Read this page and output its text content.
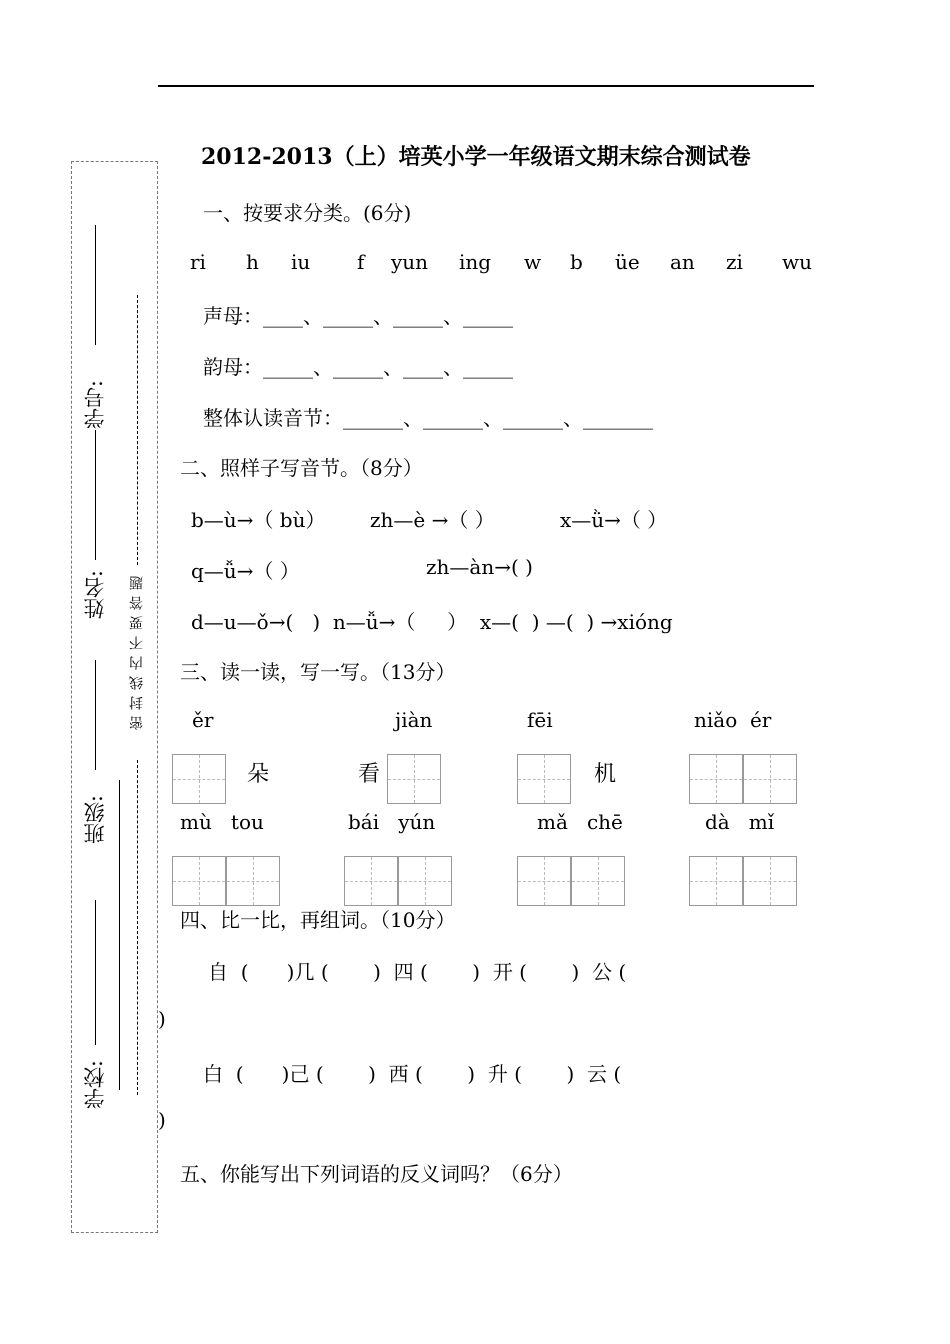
学号:
姓名:
班级:
学校:
密封线内不要答题
2012-2013（上）培英小学一年级语文期末综合测试卷
一、按要求分类。(6分)
ri h iu f yun ing w b üe an zi wu
声母：____、_____、_____、_____
韵母：_____、_____、____、_____
整体认读音节：______、______、______、_______
二、照样子写音节。（8分）
b—ù→（ bù） zh—è →（ ）	x—ǜ→（ ）
q—ǚ→（ ）	zh—àn→( )
d—u—ǒ→(   )  n—ǚ→（     ）  x—(  ) —(  ) →xióng
三、读一读，写一写。（13分）
ěr	jiàn	fēi	niǎo  ér
朵	看	机
mù   tou	bái   yún	mǎ   chē	dà   mǐ
四、比一比，再组词。（10分）
自  (      )几 (       )  四 (       )  开 (       )  公 (
)
白  (      )己 (       )  西 (       )  升 (       )  云 (
)
五、你能写出下列词语的反义词吗？（6分）
